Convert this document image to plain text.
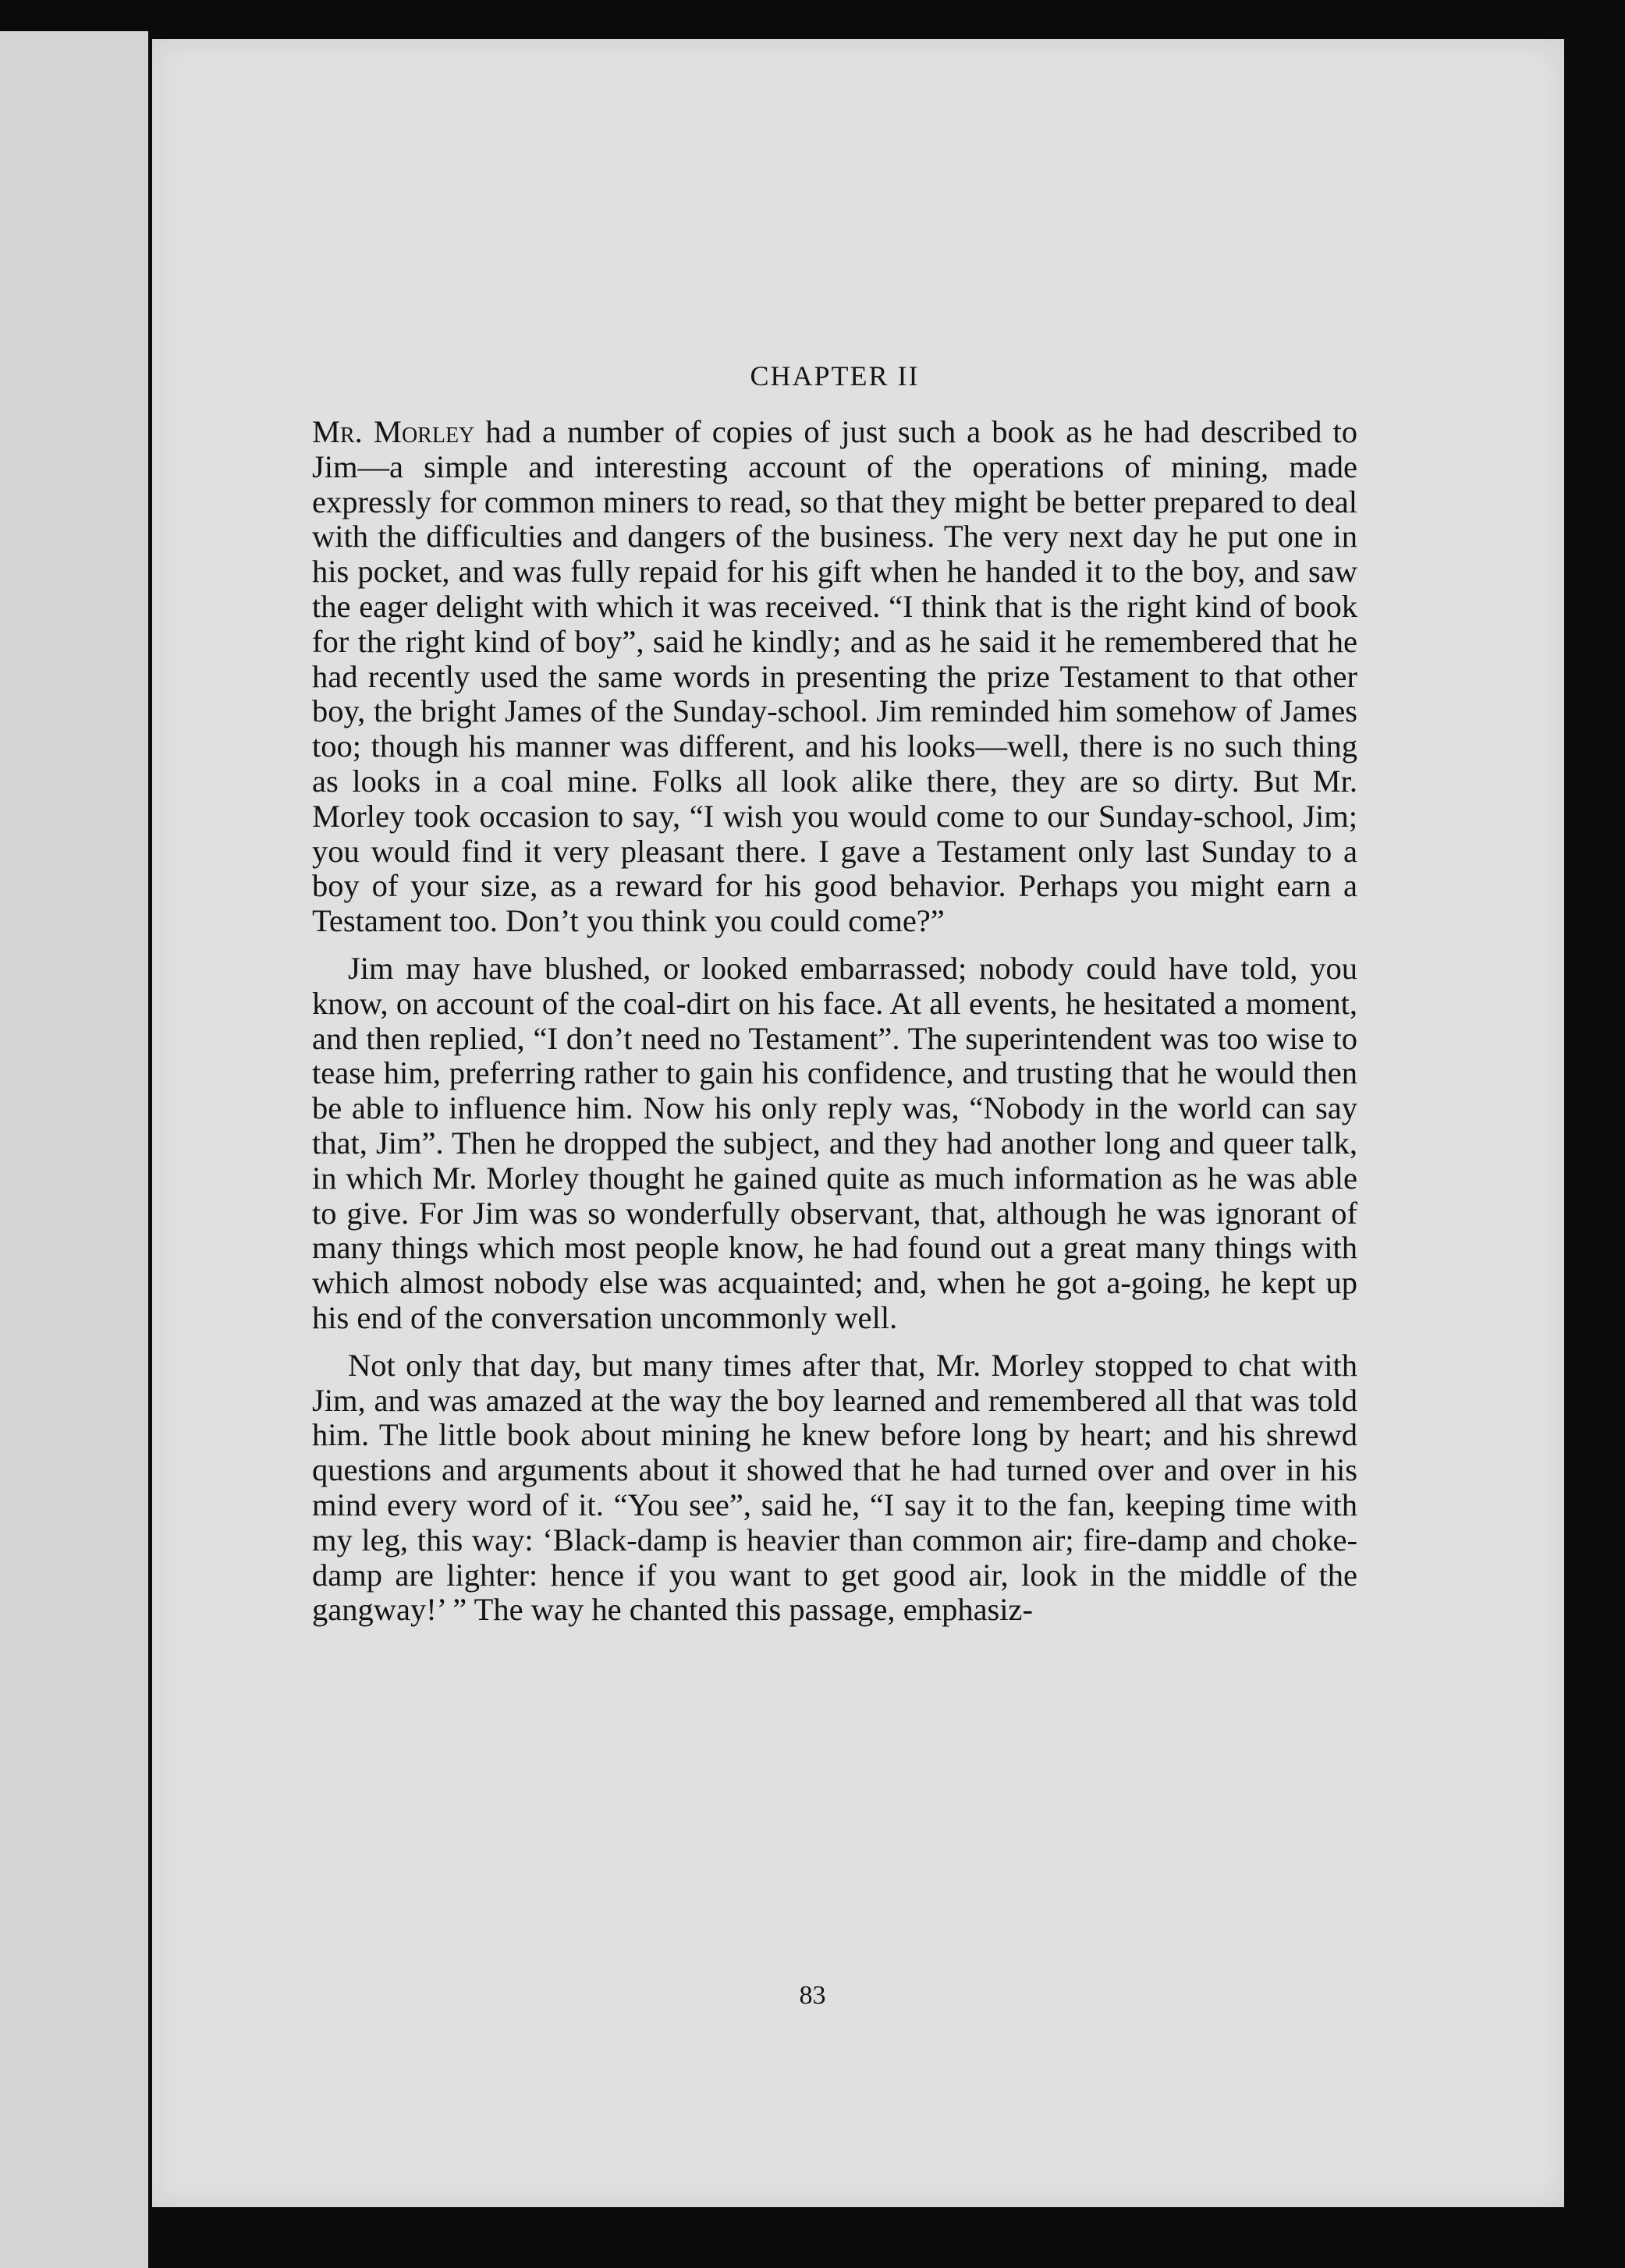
CHAPTER II

Mr. Morley had a number of copies of just such a book as he had described to Jim—a simple and interesting account of the operations of mining, made expressly for common miners to read, so that they might be better prepared to deal with the difficulties and dangers of the business. The very next day he put one in his pocket, and was fully repaid for his gift when he handed it to the boy, and saw the eager delight with which it was received. “I think that is the right kind of book for the right kind of boy”, said he kindly; and as he said it he remembered that he had recently used the same words in presenting the prize Testament to that other boy, the bright James of the Sunday-school. Jim reminded him somehow of James too; though his manner was different, and his looks—well, there is no such thing as looks in a coal mine. Folks all look alike there, they are so dirty. But Mr. Morley took occasion to say, “I wish you would come to our Sunday-school, Jim; you would find it very pleasant there. I gave a Testament only last Sunday to a boy of your size, as a reward for his good behavior. Perhaps you might earn a Testament too. Don’t you think you could come?”

Jim may have blushed, or looked embarrassed; nobody could have told, you know, on account of the coal-dirt on his face. At all events, he hesitated a moment, and then replied, “I don’t need no Testament”. The superintendent was too wise to tease him, preferring rather to gain his confidence, and trusting that he would then be able to influence him. Now his only reply was, “Nobody in the world can say that, Jim”. Then he dropped the subject, and they had another long and queer talk, in which Mr. Morley thought he gained quite as much information as he was able to give. For Jim was so wonderfully observant, that, although he was ignorant of many things which most people know, he had found out a great many things with which almost nobody else was acquainted; and, when he got a-going, he kept up his end of the conversation uncommonly well.

Not only that day, but many times after that, Mr. Morley stopped to chat with Jim, and was amazed at the way the boy learned and remembered all that was told him. The little book about mining he knew before long by heart; and his shrewd questions and arguments about it showed that he had turned over and over in his mind every word of it. “You see”, said he, “I say it to the fan, keeping time with my leg, this way: ‘Black-damp is heavier than common air; fire-damp and choke-damp are lighter: hence if you want to get good air, look in the middle of the gangway!’ ” The way he chanted this passage, emphasiz-

83
